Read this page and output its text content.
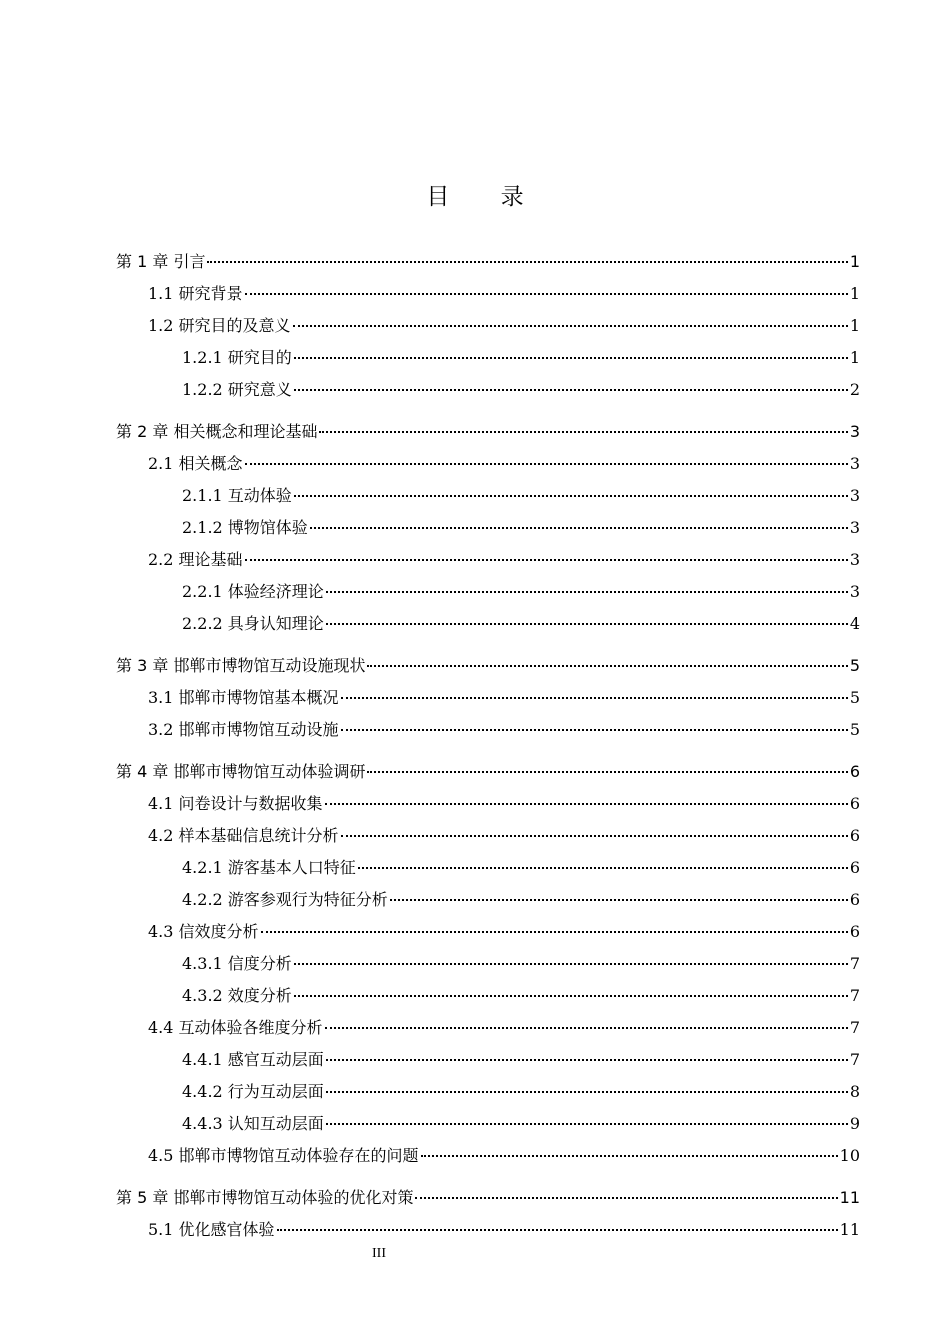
目 录
第 1 章 引言	1
1.1 研究背景	1
1.2 研究目的及意义	1
1.2.1 研究目的	1
1.2.2 研究意义	2
第 2 章 相关概念和理论基础	3
2.1 相关概念	3
2.1.1 互动体验	3
2.1.2 博物馆体验	3
2.2 理论基础	3
2.2.1 体验经济理论	3
2.2.2 具身认知理论	4
第 3 章 邯郸市博物馆互动设施现状	5
3.1 邯郸市博物馆基本概况	5
3.2 邯郸市博物馆互动设施	5
第 4 章 邯郸市博物馆互动体验调研	6
4.1 问卷设计与数据收集	6
4.2 样本基础信息统计分析	6
4.2.1 游客基本人口特征	6
4.2.2 游客参观行为特征分析	6
4.3 信效度分析	6
4.3.1 信度分析	7
4.3.2 效度分析	7
4.4 互动体验各维度分析	7
4.4.1 感官互动层面	7
4.4.2 行为互动层面	8
4.4.3 认知互动层面	9
4.5 邯郸市博物馆互动体验存在的问题	10
第 5 章 邯郸市博物馆互动体验的优化对策	11
5.1 优化感官体验	11
III
